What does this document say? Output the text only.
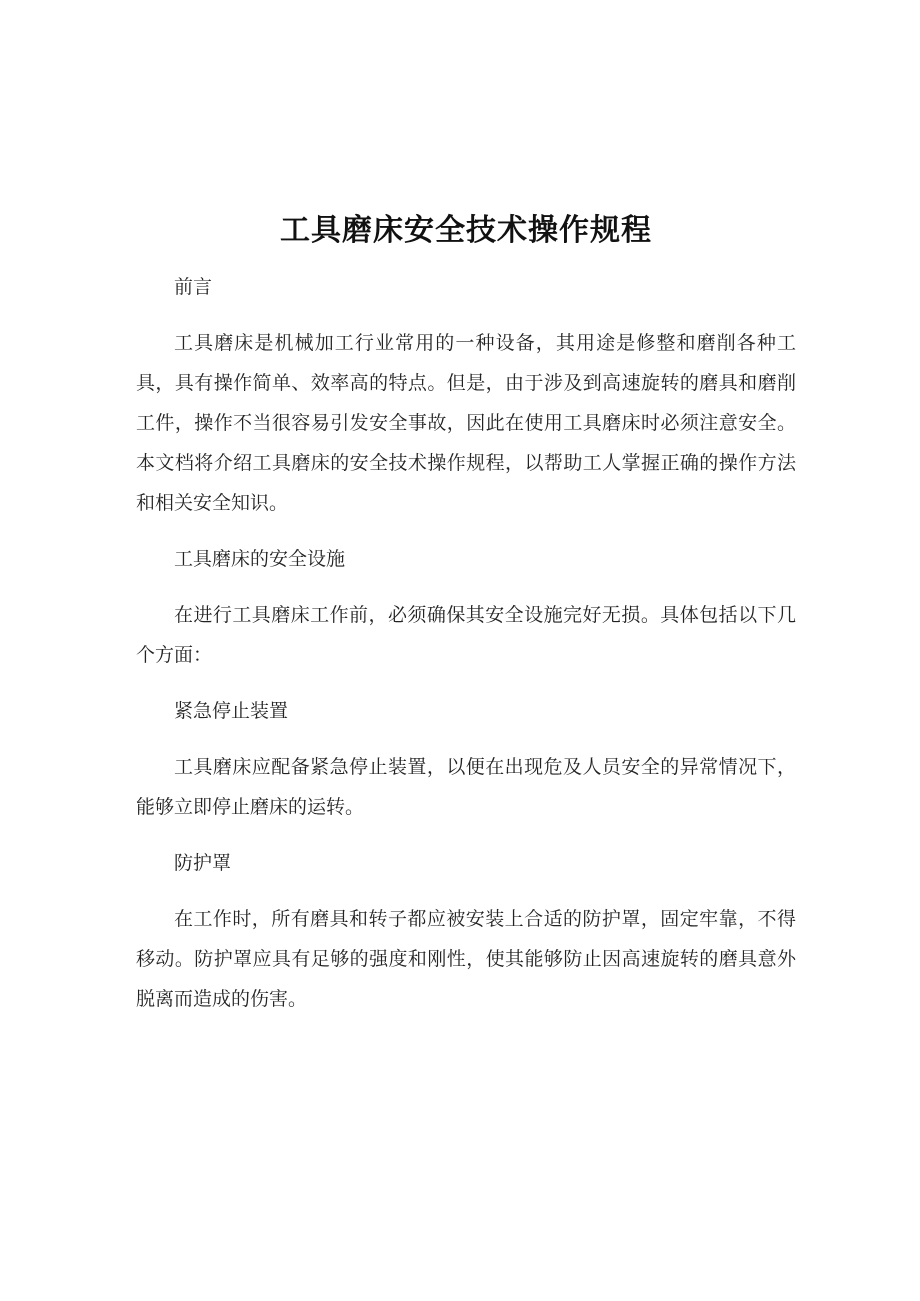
工具磨床安全技术操作规程

前言

工具磨床是机械加工行业常用的一种设备，其用途是修整和磨削各种工具，具有操作简单、效率高的特点。但是，由于涉及到高速旋转的磨具和磨削工件，操作不当很容易引发安全事故，因此在使用工具磨床时必须注意安全。本文档将介绍工具磨床的安全技术操作规程，以帮助工人掌握正确的操作方法和相关安全知识。

工具磨床的安全设施

在进行工具磨床工作前，必须确保其安全设施完好无损。具体包括以下几个方面：

紧急停止装置

工具磨床应配备紧急停止装置，以便在出现危及人员安全的异常情况下，能够立即停止磨床的运转。

防护罩

在工作时，所有磨具和转子都应被安装上合适的防护罩，固定牢靠，不得移动。防护罩应具有足够的强度和刚性，使其能够防止因高速旋转的磨具意外脱离而造成的伤害。
